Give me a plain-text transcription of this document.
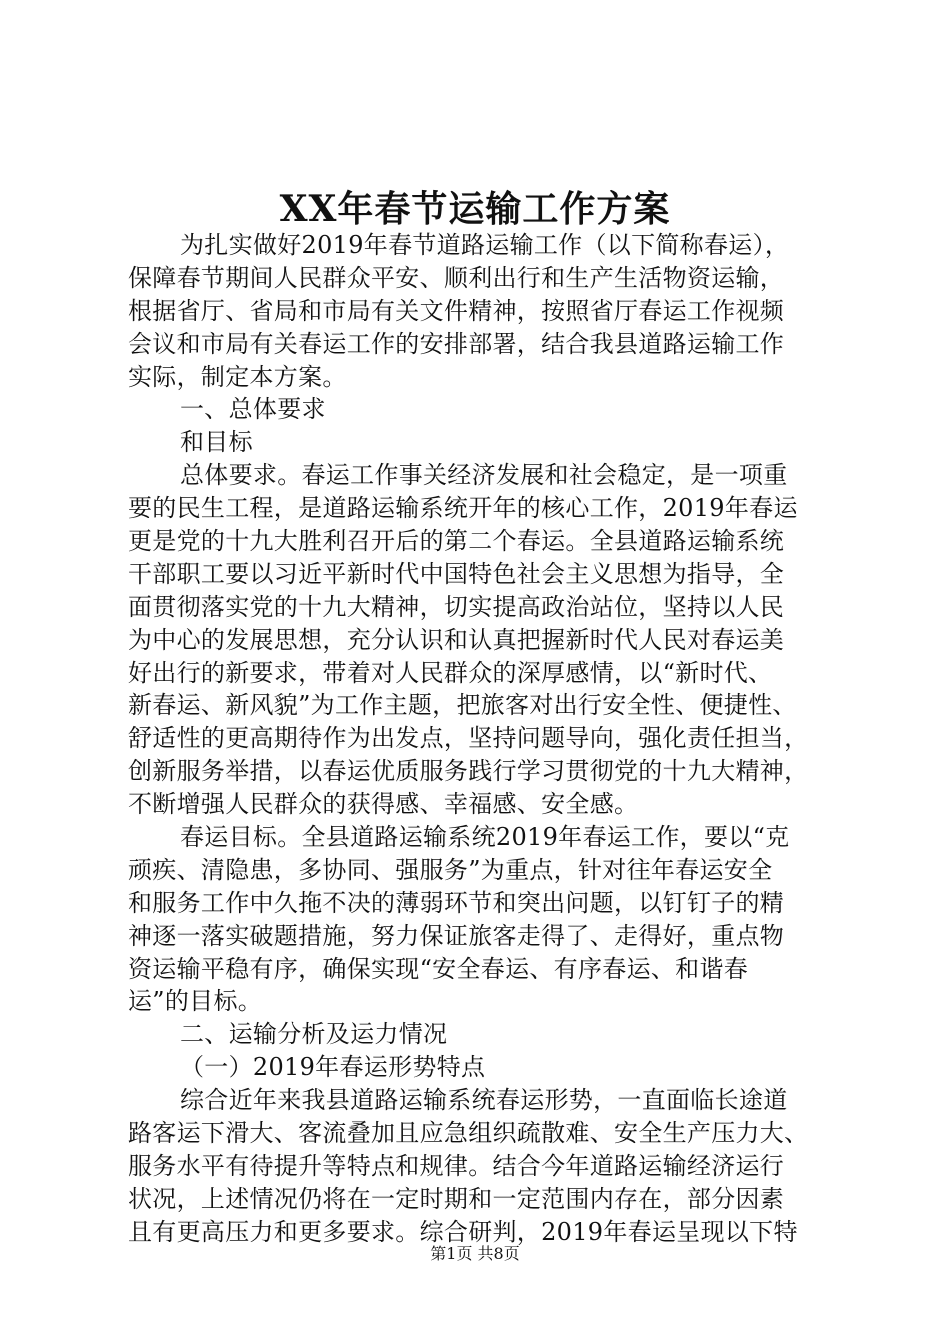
XX年春节运输工作方案
为扎实做好2019年春节道路运输工作（以下简称春运），
保障春节期间人民群众平安、顺利出行和生产生活物资运输，
根据省厅、省局和市局有关文件精神，按照省厅春运工作视频
会议和市局有关春运工作的安排部署，结合我县道路运输工作
实际，制定本方案。
一、总体要求
和目标
总体要求。春运工作事关经济发展和社会稳定，是一项重
要的民生工程，是道路运输系统开年的核心工作，2019年春运
更是党的十九大胜利召开后的第二个春运。全县道路运输系统
干部职工要以习近平新时代中国特色社会主义思想为指导，全
面贯彻落实党的十九大精神，切实提高政治站位，坚持以人民
为中心的发展思想，充分认识和认真把握新时代人民对春运美
好出行的新要求，带着对人民群众的深厚感情，以“新时代、
新春运、新风貌”为工作主题，把旅客对出行安全性、便捷性、
舒适性的更高期待作为出发点，坚持问题导向，强化责任担当，
创新服务举措，以春运优质服务践行学习贯彻党的十九大精神，
不断增强人民群众的获得感、幸福感、安全感。
春运目标。全县道路运输系统2019年春运工作，要以“克
顽疾、清隐患，多协同、强服务”为重点，针对往年春运安全
和服务工作中久拖不决的薄弱环节和突出问题，以钉钉子的精
神逐一落实破题措施，努力保证旅客走得了、走得好，重点物
资运输平稳有序，确保实现“安全春运、有序春运、和谐春
运”的目标。
二、运输分析及运力情况
（一）2019年春运形势特点
综合近年来我县道路运输系统春运形势，一直面临长途道
路客运下滑大、客流叠加且应急组织疏散难、安全生产压力大、
服务水平有待提升等特点和规律。结合今年道路运输经济运行
状况，上述情况仍将在一定时期和一定范围内存在，部分因素
且有更高压力和更多要求。综合研判，2019年春运呈现以下特
第1页 共8页
